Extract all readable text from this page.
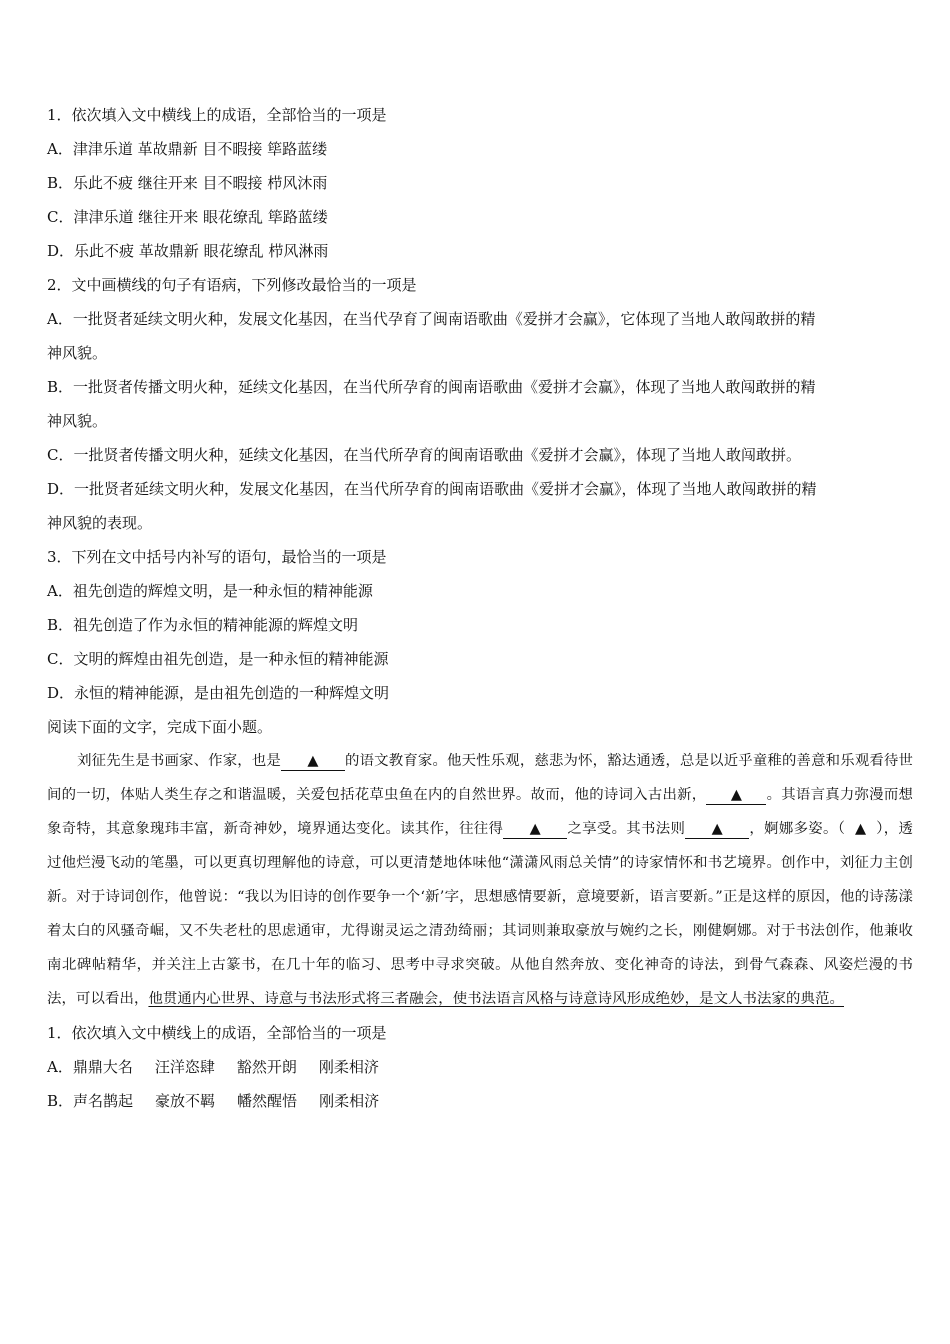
1．依次填入文中横线上的成语，全部恰当的一项是
A．津津乐道 革故鼎新 目不暇接 筚路蓝缕
B．乐此不疲 继往开来 目不暇接 栉风沐雨
C．津津乐道 继往开来 眼花缭乱 筚路蓝缕
D．乐此不疲 革故鼎新 眼花缭乱 栉风淋雨
2．文中画横线的句子有语病，下列修改最恰当的一项是
A．一批贤者延续文明火种，发展文化基因，在当代孕育了闽南语歌曲《爱拼才会赢》，它体现了当地人敢闯敢拼的精
神风貌。
B．一批贤者传播文明火种，延续文化基因，在当代所孕育的闽南语歌曲《爱拼才会赢》，体现了当地人敢闯敢拼的精
神风貌。
C．一批贤者传播文明火种，延续文化基因，在当代所孕育的闽南语歌曲《爱拼才会赢》，体现了当地人敢闯敢拼。
D．一批贤者延续文明火种，发展文化基因，在当代所孕育的闽南语歌曲《爱拼才会赢》，体现了当地人敢闯敢拼的精
神风貌的表现。
3．下列在文中括号内补写的语句，最恰当的一项是
A．祖先创造的辉煌文明，是一种永恒的精神能源
B．祖先创造了作为永恒的精神能源的辉煌文明
C．文明的辉煌由祖先创造，是一种永恒的精神能源
D．永恒的精神能源，是由祖先创造的一种辉煌文明
阅读下面的文字，完成下面小题。
刘征先生是书画家、作家，也是 ▲ 的语文教育家。他天性乐观，慈悲为怀，豁达通透，总是以近乎童稚的善意和乐观看待世间的一切，体贴人类生存之和谐温暖，关爱包括花草虫鱼在内的自然世界。故而，他的诗词入古出新， ▲ 。其语言真力弥漫而想象奇特，其意象瑰玮丰富，新奇神妙，境界通达变化。读其作，往往得 ▲ 之享受。其书法则 ▲ ，婀娜多姿。（ ▲ ），透过他烂漫飞动的笔墨，可以更真切理解他的诗意，可以更清楚地体味他“潇潇风雨总关情”的诗家情怀和书艺境界。创作中，刘征力主创新。对于诗词创作，他曾说：“我以为旧诗的创作要争一个‘新’字，思想感情要新，意境要新，语言要新。”正是这样的原因，他的诗荡漾着太白的风骚奇崛，又不失老杜的思虑通审，尤得谢灵运之清劲绮丽；其词则兼取豪放与婉约之长，刚健婀娜。对于书法创作，他兼收南北碑帖精华，并关注上古篆书，在几十年的临习、思考中寻求突破。从他自然奔放、变化神奇的诗法，到骨气森森、风姿烂漫的书法，可以看出，他贯通内心世界、诗意与书法形式将三者融会，使书法语言风格与诗意诗风形成绝妙，是文人书法家的典范。
1．依次填入文中横线上的成语，全部恰当的一项是
A．鼎鼎大名 汪洋恣肆 豁然开朗 刚柔相济
B．声名鹊起 豪放不羁 幡然醒悟 刚柔相济
